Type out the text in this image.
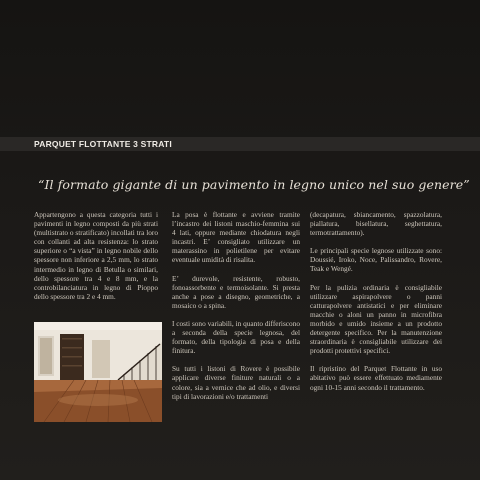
PARQUET FLOTTANTE 3 STRATI
“Il formato gigante di un pavimento in legno unico nel suo genere”

Appartengono a questa categoria tutti i pavimenti in legno composti da più strati (multistrato o stratificato) incollati tra loro con collanti ad alta resistenza: lo strato superiore o “a vista” in legno nobile dello spessore non inferiore a 2,5 mm, lo strato intermedio in legno di Betulla o similari, dello spessore tra 4 e 8 mm, e la controbilanciatura in legno di Pioppo dello spessore tra 2 e 4 mm.

La posa è flottante e avviene tramite l’incastro dei listoni maschio-femmina sui 4 lati, oppure mediante chiodatura negli incastri. E’ consigliato utilizzare un materassino in polietilene per evitare eventuale umidità di risalita.

E’ durevole, resistente, robusto, fonoassorbente e termoisolante. Si presta anche a pose a disegno, geometriche, a mosaico o a spina.

I costi sono variabili, in quanto differiscono a seconda della specie legnosa, del formato, della tipologia di posa e della finitura.

Su tutti i listoni di Rovere è possibile applicare diverse finiture naturali o a colore, sia a vernice che ad olio, e diversi tipi di lavorazioni e/o trattamenti

(decapatura, sbiancamento, spazzolatura, piallatura, bisellatura, seghettatura, termotrattamento).

Le principali specie legnose utilizzate sono: Doussié, Iroko, Noce, Palissandro, Rovere, Teak e Wengé.

Per la pulizia ordinaria è consigliabile utilizzare aspirapolvere o panni catturapolvere antistatici e per eliminare macchie o aloni un panno in microfibra morbido e umido insieme a un prodotto detergente specifico. Per la manutenzione straordinaria è consigliabile utilizzare dei prodotti protettivi specifici.

Il ripristino del Parquet Flottante in uso abitativo può essere effettuato mediamente ogni 10-15 anni secondo il trattamento.
